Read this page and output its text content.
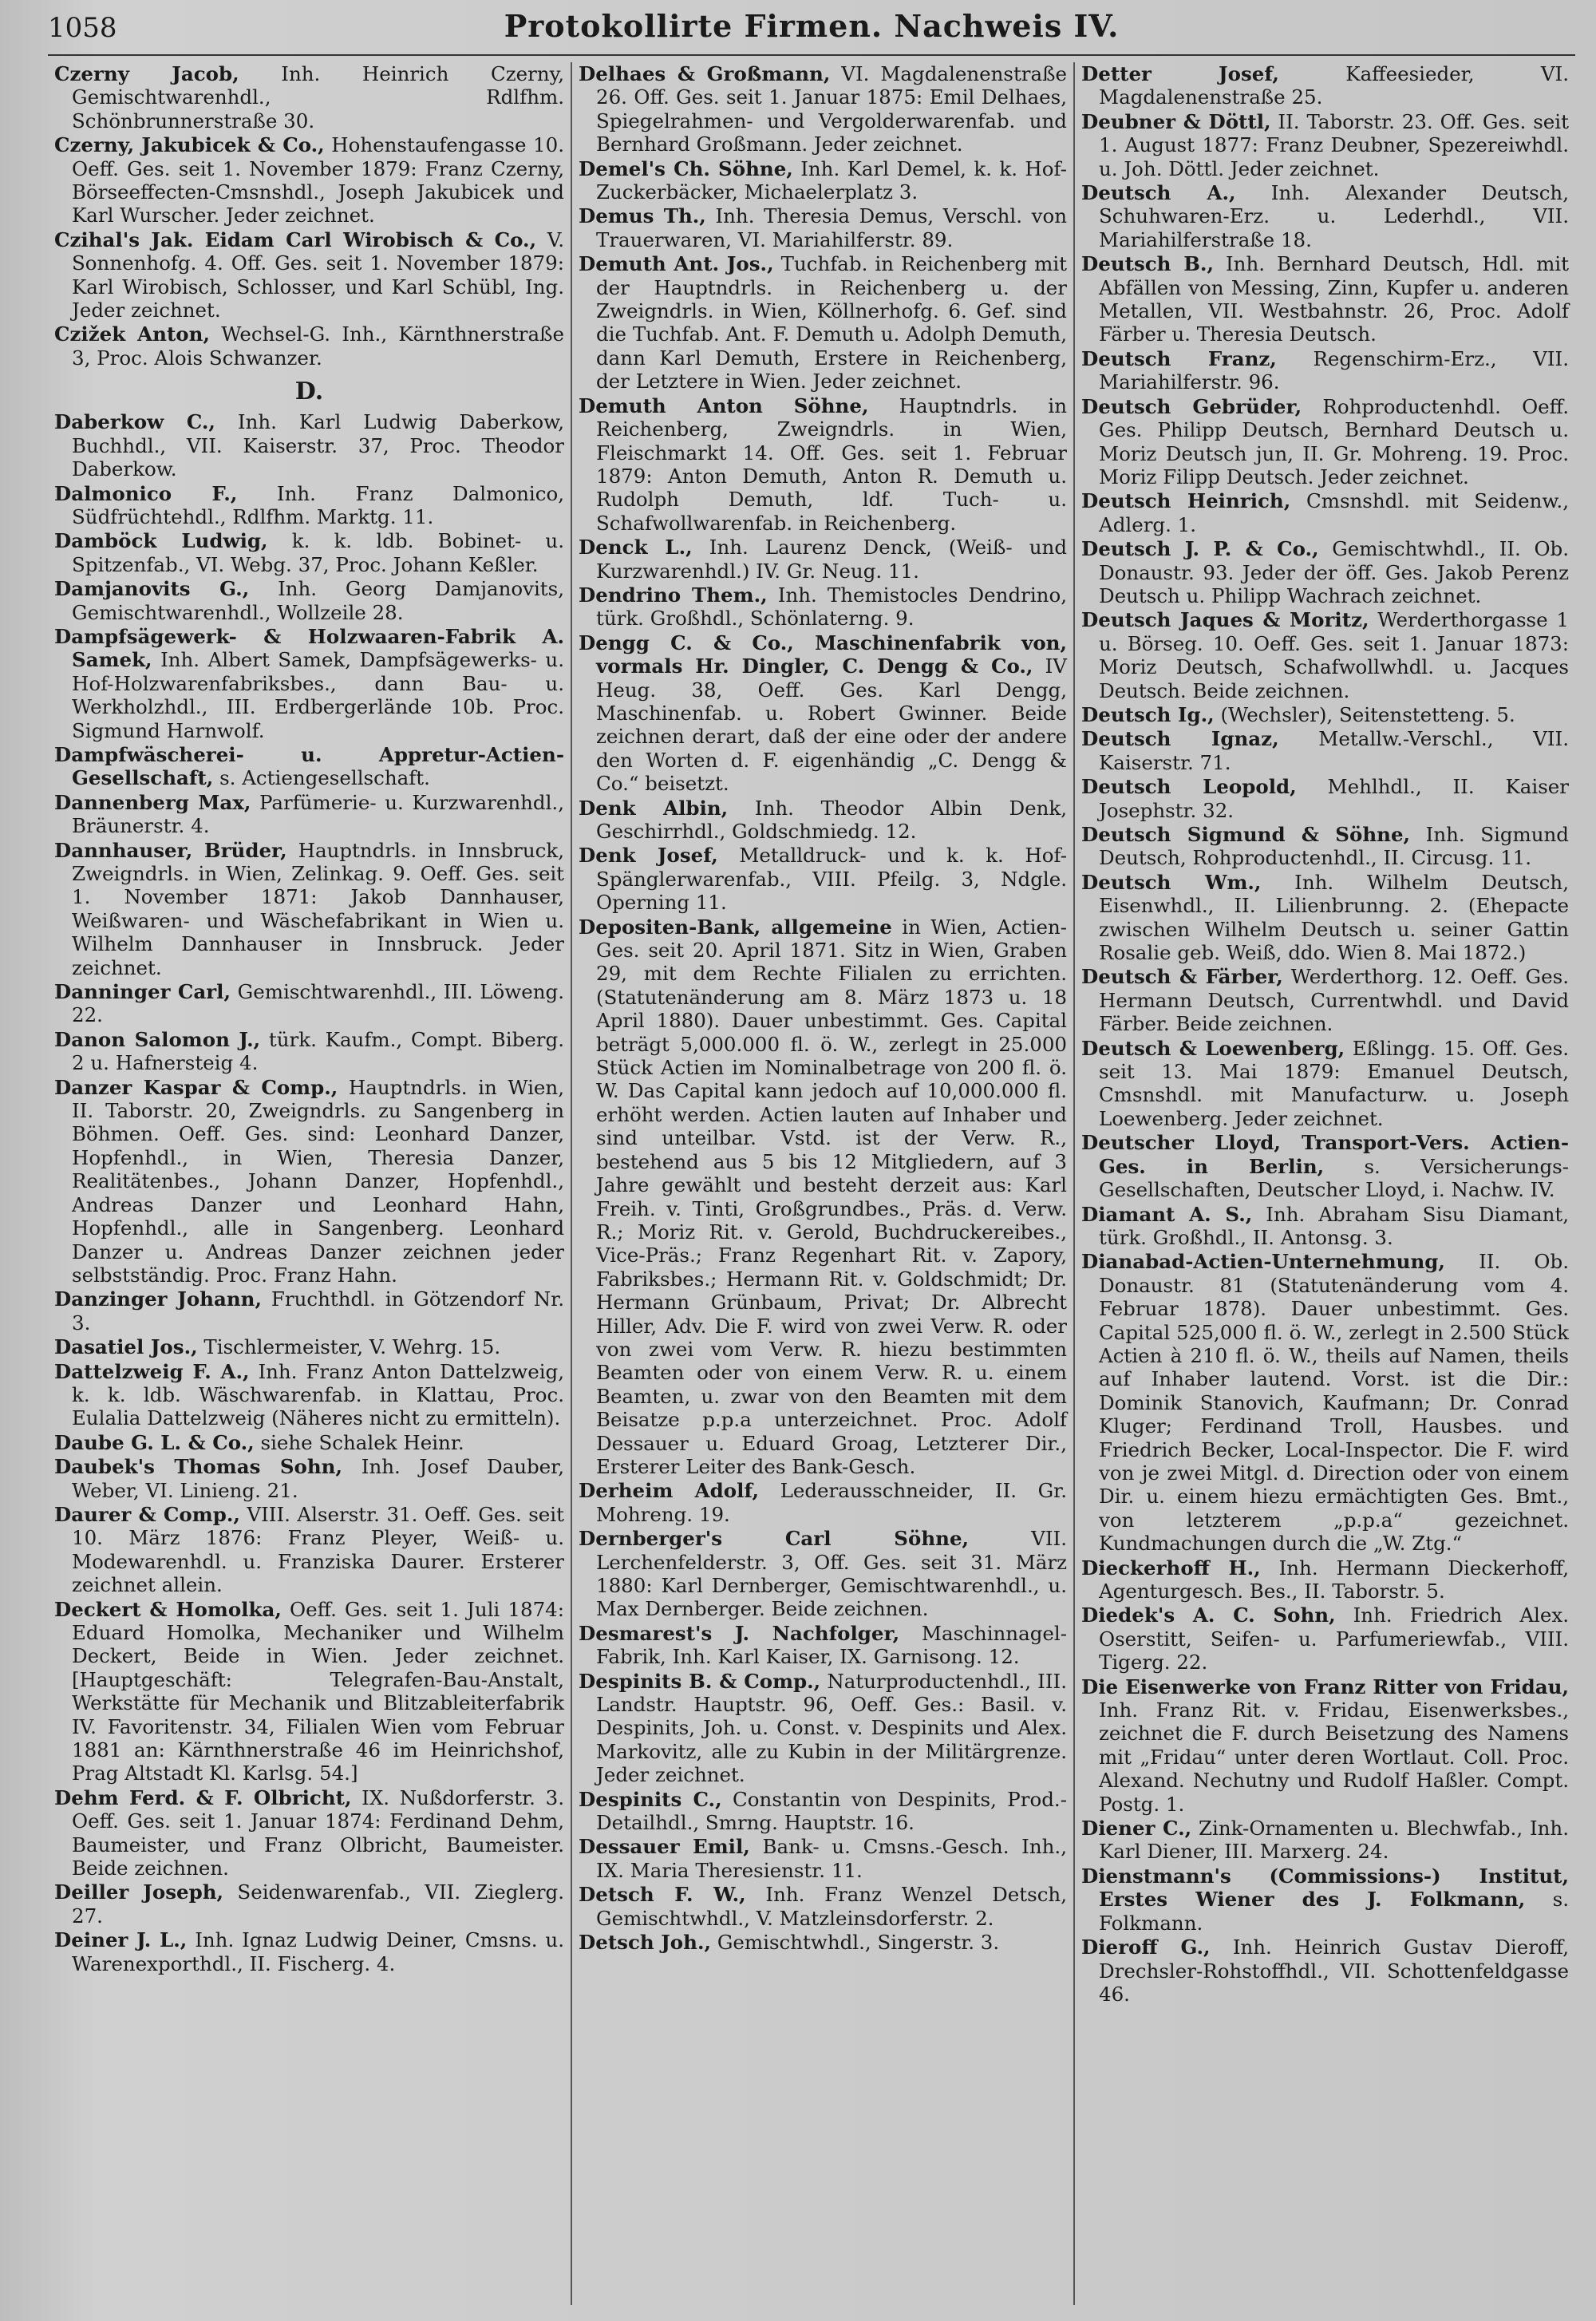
1058	Protokollirte Firmen. Nachweis IV.
Czerny Jacob, Inh. Heinrich Czerny, Gemischtwarenhdl., Rdlfhm. Schönbrunnerstraße 30.
Czerny, Jakubicek & Co., Hohenstaufengasse 10. Oeff. Ges. seit 1. November 1879: Franz Czerny, Börseeffecten-Cmsnshdl., Joseph Jakubicek und Karl Wurscher. Jeder zeichnet.
Czihal's Jak. Eidam Carl Wirobisch & Co., V. Sonnenhofg. 4. Off. Ges. seit 1. November 1879: Karl Wirobisch, Schlosser, und Karl Schübl, Ing. Jeder zeichnet.
Czižek Anton, Wechsel-G. Inh., Kärnthnerstraße 3, Proc. Alois Schwanzer.
D.
Daberkow C., Inh. Karl Ludwig Daberkow, Buchhdl., VII. Kaiserstr. 37, Proc. Theodor Daberkow.
Dalmonico F., Inh. Franz Dalmonico, Südfrüchtehdl., Rdlfhm. Marktg. 11.
Damböck Ludwig, k. k. ldb. Bobinet- u. Spitzenfab., VI. Webg. 37, Proc. Johann Keßler.
Damjanovits G., Inh. Georg Damjanovits, Gemischtwarenhdl., Wollzeile 28.
Dampfsägewerk- & Holzwaaren-Fabrik A. Samek, Inh. Albert Samek, Dampfsägewerks- u. Hof-Holzwarenfabriksbes., dann Bau- u. Werkholzhdl., III. Erdbergerlände 10b. Proc. Sigmund Harnwolf.
Dampfwäscherei- u. Appretur-Actien-Gesellschaft, s. Actiengesellschaft.
Dannenberg Max, Parfümerie- u. Kurzwarenhdl., Bräunerstr. 4.
Dannhauser, Brüder, Hauptndrls. in Innsbruck, Zweigndrls. in Wien, Zelinkag. 9. Oeff. Ges. seit 1. November 1871: Jakob Dannhauser, Weißwaren- und Wäschefabrikant in Wien u. Wilhelm Dannhauser in Innsbruck. Jeder zeichnet.
Danninger Carl, Gemischtwarenhdl., III. Löweng. 22.
Danon Salomon J., türk. Kaufm., Compt. Biberg. 2 u. Hafnersteig 4.
Danzer Kaspar & Comp., Hauptndrls. in Wien, II. Taborstr. 20, Zweigndrls. zu Sangenberg in Böhmen. Oeff. Ges. sind: Leonhard Danzer, Hopfenhdl., in Wien, Theresia Danzer, Realitätenbes., Johann Danzer, Hopfenhdl., Andreas Danzer und Leonhard Hahn, Hopfenhdl., alle in Sangenberg. Leonhard Danzer u. Andreas Danzer zeichnen jeder selbstständig. Proc. Franz Hahn.
Danzinger Johann, Fruchthdl. in Götzendorf Nr. 3.
Dasatiel Jos., Tischlermeister, V. Wehrg. 15.
Dattelzweig F. A., Inh. Franz Anton Dattelzweig, k. k. ldb. Wäschwarenfab. in Klattau, Proc. Eulalia Dattelzweig (Näheres nicht zu ermitteln).
Daube G. L. & Co., siehe Schalek Heinr.
Daubek's Thomas Sohn, Inh. Josef Dauber, Weber, VI. Linieng. 21.
Daurer & Comp., VIII. Alserstr. 31. Oeff. Ges. seit 10. März 1876: Franz Pleyer, Weiß- u. Modewarenhdl. u. Franziska Daurer. Ersterer zeichnet allein.
Deckert & Homolka, Oeff. Ges. seit 1. Juli 1874: Eduard Homolka, Mechaniker und Wilhelm Deckert, Beide in Wien. Jeder zeichnet. [Hauptgeschäft: Telegrafen-Bau-Anstalt, Werkstätte für Mechanik und Blitzableiterfabrik IV. Favoritenstr. 34, Filialen Wien vom Februar 1881 an: Kärnthnerstraße 46 im Heinrichshof, Prag Altstadt Kl. Karlsg. 54.]
Dehm Ferd. & F. Olbricht, IX. Nußdorferstr. 3. Oeff. Ges. seit 1. Januar 1874: Ferdinand Dehm, Baumeister, und Franz Olbricht, Baumeister. Beide zeichnen.
Deiller Joseph, Seidenwarenfab., VII. Zieglerg. 27.
Deiner J. L., Inh. Ignaz Ludwig Deiner, Cmsns. u. Warenexporthdl., II. Fischerg. 4.
Delhaes & Großmann, VI. Magdalenenstraße 26. Off. Ges. seit 1. Januar 1875: Emil Delhaes, Spiegelrahmen- und Vergolderwarenfab. und Bernhard Großmann. Jeder zeichnet.
Demel's Ch. Söhne, Inh. Karl Demel, k. k. Hof-Zuckerbäcker, Michaelerplatz 3.
Demus Th., Inh. Theresia Demus, Verschl. von Trauerwaren, VI. Mariahilferstr. 89.
Demuth Ant. Jos., Tuchfab. in Reichenberg mit der Hauptndrls. in Reichenberg u. der Zweigndrls. in Wien, Köllnerhofg. 6. Gef. sind die Tuchfab. Ant. F. Demuth u. Adolph Demuth, dann Karl Demuth, Erstere in Reichenberg, der Letztere in Wien. Jeder zeichnet.
Demuth Anton Söhne, Hauptndrls. in Reichenberg, Zweigndrls. in Wien, Fleischmarkt 14. Off. Ges. seit 1. Februar 1879: Anton Demuth, Anton R. Demuth u. Rudolph Demuth, ldf. Tuch- u. Schafwollwarenfab. in Reichenberg.
Denck L., Inh. Laurenz Denck, (Weiß- und Kurzwarenhdl.) IV. Gr. Neug. 11.
Dendrino Them., Inh. Themistocles Dendrino, türk. Großhdl., Schönlaterng. 9.
Dengg C. & Co., Maschinenfabrik von, vormals Hr. Dingler, C. Dengg & Co., IV Heug. 38, Oeff. Ges. Karl Dengg, Maschinenfab. u. Robert Gwinner. Beide zeichnen derart, daß der eine oder der andere den Worten d. F. eigenhändig „C. Dengg & Co.“ beisetzt.
Denk Albin, Inh. Theodor Albin Denk, Geschirrhdl., Goldschmiedg. 12.
Denk Josef, Metalldruck- und k. k. Hof-Spänglerwarenfab., VIII. Pfeilg. 3, Ndgle. Operning 11.
Depositen-Bank, allgemeine in Wien, Actien-Ges. seit 20. April 1871. Sitz in Wien, Graben 29, mit dem Rechte Filialen zu errichten. (Statutenänderung am 8. März 1873 u. 18 April 1880). Dauer unbestimmt. Ges. Capital beträgt 5,000.000 fl. ö. W., zerlegt in 25.000 Stück Actien im Nominalbetrage von 200 fl. ö. W. Das Capital kann jedoch auf 10,000.000 fl. erhöht werden. Actien lauten auf Inhaber und sind unteilbar. Vstd. ist der Verw. R., bestehend aus 5 bis 12 Mitgliedern, auf 3 Jahre gewählt und besteht derzeit aus: Karl Freih. v. Tinti, Großgrundbes., Präs. d. Verw. R.; Moriz Rit. v. Gerold, Buchdruckereibes., Vice-Präs.; Franz Regenhart Rit. v. Zapory, Fabriksbes.; Hermann Rit. v. Goldschmidt; Dr. Hermann Grünbaum, Privat; Dr. Albrecht Hiller, Adv. Die F. wird von zwei Verw. R. oder von zwei vom Verw. R. hiezu bestimmten Beamten oder von einem Verw. R. u. einem Beamten, u. zwar von den Beamten mit dem Beisatze p.p.a unterzeichnet. Proc. Adolf Dessauer u. Eduard Groag, Letzterer Dir., Ersterer Leiter des Bank-Gesch.
Derheim Adolf, Lederausschneider, II. Gr. Mohreng. 19.
Dernberger's Carl Söhne,	VII. Lerchenfelderstr. 3, Off. Ges. seit 31. März 1880: Karl Dernberger, Gemischtwarenhdl., u. Max Dernberger. Beide zeichnen.
Desmarest's J. Nachfolger, Maschinnagel-Fabrik, Inh. Karl Kaiser, IX. Garnisong. 12.
Despinits B. & Comp., Naturproductenhdl., III. Landstr. Hauptstr. 96, Oeff. Ges.: Basil. v. Despinits, Joh. u. Const. v. Despinits und Alex. Markovitz, alle zu Kubin in der Militärgrenze. Jeder zeichnet.
Despinits C., Constantin von Despinits, Prod.-Detailhdl., Smrng. Hauptstr. 16.
Dessauer Emil, Bank- u. Cmsns.-Gesch. Inh., IX. Maria Theresienstr. 11.
Detsch F. W., Inh. Franz Wenzel Detsch, Gemischtwhdl., V. Matzleinsdorferstr. 2.
Detsch Joh., Gemischtwhdl., Singerstr. 3.
Detter Josef,	Kaffeesieder, VI. Magdalenenstraße 25.
Deubner & Döttl, II. Taborstr. 23. Off. Ges. seit 1. August 1877: Franz Deubner, Spezereiwhdl. u. Joh. Döttl. Jeder zeichnet.
Deutsch A., Inh. Alexander Deutsch, Schuhwaren-Erz. u. Lederhdl., VII. Mariahilferstraße 18.
Deutsch B., Inh. Bernhard Deutsch, Hdl. mit Abfällen von Messing, Zinn, Kupfer u. anderen Metallen, VII. Westbahnstr. 26, Proc. Adolf Färber u. Theresia Deutsch.
Deutsch Franz, Regenschirm-Erz., VII. Mariahilferstr. 96.
Deutsch Gebrüder, Rohproductenhdl. Oeff. Ges. Philipp Deutsch, Bernhard Deutsch u. Moriz Deutsch jun, II. Gr. Mohreng. 19. Proc. Moriz Filipp Deutsch. Jeder zeichnet.
Deutsch Heinrich, Cmsnshdl. mit Seidenw., Adlerg. 1.
Deutsch J. P. & Co., Gemischtwhdl., II. Ob. Donaustr. 93. Jeder der öff. Ges. Jakob Perenz Deutsch u. Philipp Wachrach zeichnet.
Deutsch Jaques & Moritz, Werderthorgasse 1 u. Börseg. 10. Oeff. Ges. seit 1. Januar 1873: Moriz Deutsch, Schafwollwhdl. u. Jacques Deutsch. Beide zeichnen.
Deutsch Ig., (Wechsler), Seitenstetteng. 5.
Deutsch Ignaz, Metallw.-Verschl., VII. Kaiserstr. 71.
Deutsch Leopold, Mehlhdl., II. Kaiser Josephstr. 32.
Deutsch Sigmund & Söhne, Inh. Sigmund Deutsch, Rohproductenhdl., II. Circusg. 11.
Deutsch Wm., Inh. Wilhelm Deutsch, Eisenwhdl., II. Lilienbrunng. 2. (Ehepacte zwischen Wilhelm Deutsch u. seiner Gattin Rosalie geb. Weiß, ddo. Wien 8. Mai 1872.)
Deutsch & Färber, Werderthorg. 12. Oeff. Ges. Hermann Deutsch, Currentwhdl. und David Färber. Beide zeichnen.
Deutsch & Loewenberg, Eßlingg. 15. Off. Ges. seit 13. Mai 1879: Emanuel Deutsch, Cmsnshdl. mit Manufacturw. u. Joseph Loewenberg. Jeder zeichnet.
Deutscher Lloyd, Transport-Vers. Actien-Ges. in Berlin, s. Versicherungs-Gesellschaften, Deutscher Lloyd, i. Nachw. IV.
Diamant A. S., Inh. Abraham Sisu Diamant, türk. Großhdl., II. Antonsg. 3.
Dianabad-Actien-Unternehmung, II. Ob. Donaustr. 81 (Statutenänderung vom 4. Februar 1878). Dauer unbestimmt. Ges. Capital 525,000 fl. ö. W., zerlegt in 2.500 Stück Actien à 210 fl. ö. W., theils auf Namen, theils auf Inhaber lautend. Vorst. ist die Dir.: Dominik Stanovich, Kaufmann; Dr. Conrad Kluger; Ferdinand Troll, Hausbes. und Friedrich Becker, Local-Inspector. Die F. wird von je zwei Mitgl. d. Direction oder von einem Dir. u. einem hiezu ermächtigten Ges. Bmt., von letzterem „p.p.a“ gezeichnet. Kundmachungen durch die „W. Ztg.“
Dieckerhoff H., Inh. Hermann Dieckerhoff, Agenturgesch. Bes., II. Taborstr. 5.
Diedek's A. C. Sohn, Inh. Friedrich Alex. Oserstitt, Seifen- u. Parfumeriewfab., VIII. Tigerg. 22.
Die Eisenwerke von Franz Ritter von Fridau, Inh. Franz Rit. v. Fridau, Eisenwerksbes., zeichnet die F. durch Beisetzung des Namens mit „Fridau“ unter deren Wortlaut. Coll. Proc. Alexand. Nechutny und Rudolf Haßler. Compt. Postg. 1.
Diener C., Zink-Ornamenten u. Blechwfab., Inh. Karl Diener, III. Marxerg. 24.
Dienstmann's (Commissions-) Institut, Erstes Wiener des J. Folkmann, s. Folkmann.
Dieroff G., Inh. Heinrich Gustav Dieroff, Drechsler-Rohstoffhdl., VII. Schottenfeldgasse 46.
